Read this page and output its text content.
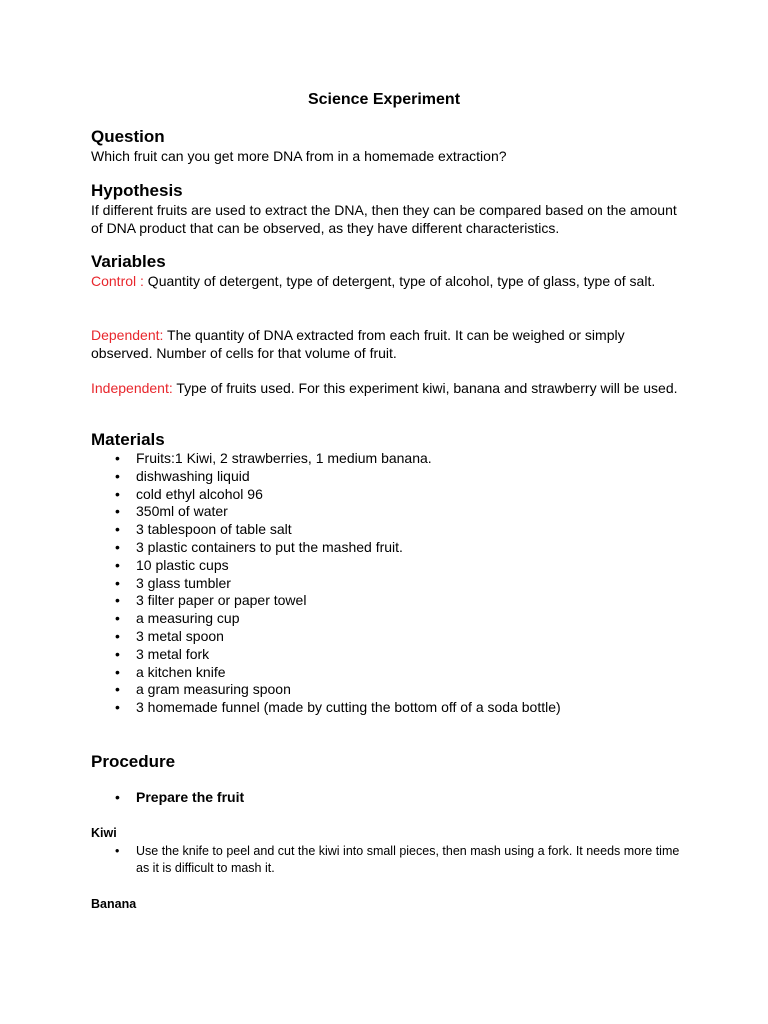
Science Experiment
Question
Which fruit can you get more DNA from in a homemade extraction?
Hypothesis
If different fruits are used to extract the DNA, then they can be compared based on the amount of DNA product that can be observed, as they have different characteristics.
Variables
Control : Quantity of detergent, type of detergent, type of alcohol, type of glass, type of salt.
Dependent: The quantity of DNA extracted from each fruit. It can be weighed or simply observed. Number of cells for that volume of fruit.
Independent: Type of fruits used. For this experiment kiwi, banana and strawberry will be used.
Materials
• Fruits:1 Kiwi, 2 strawberries, 1 medium banana.
• dishwashing liquid
• cold ethyl alcohol 96
• 350ml of water
• 3 tablespoon of table salt
• 3 plastic containers to put the mashed fruit.
• 10 plastic cups
• 3 glass tumbler
• 3 filter paper or paper towel
• a measuring cup
• 3 metal spoon
• 3 metal fork
• a kitchen knife
• a gram measuring spoon
• 3 homemade funnel (made by cutting the bottom off of a soda bottle)
Procedure
• Prepare the fruit
Kiwi
• Use the knife to peel and cut the kiwi into small pieces, then mash using a fork. It needs more time as it is difficult to mash it.
Banana
